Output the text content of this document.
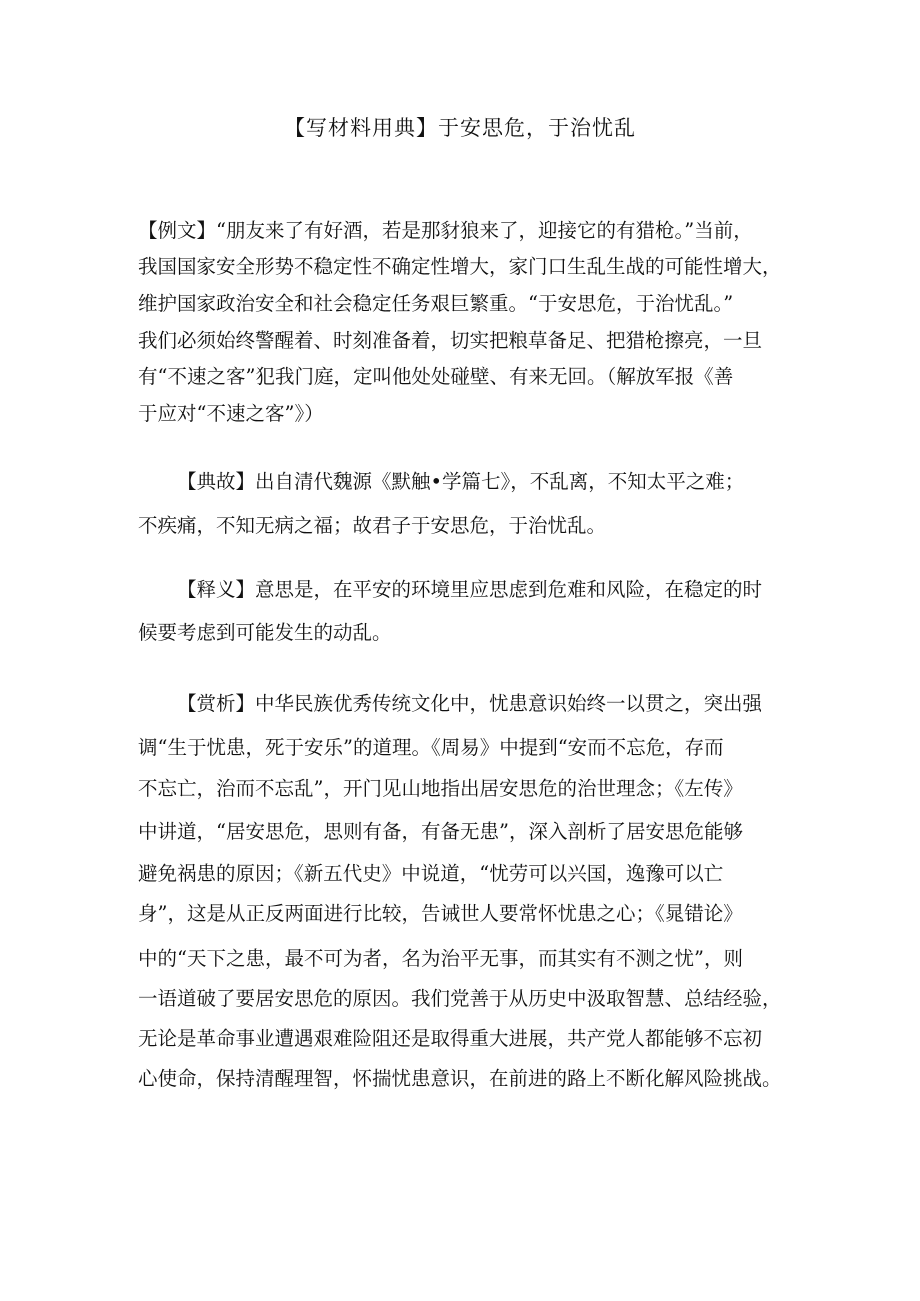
【写材料用典】于安思危，于治忧乱
【例文】“朋友来了有好酒，若是那豺狼来了，迎接它的有猎枪。”当前，
我国国家安全形势不稳定性不确定性增大，家门口生乱生战的可能性增大，
维护国家政治安全和社会稳定任务艰巨繁重。“于安思危，于治忧乱。”
我们必须始终警醒着、时刻准备着，切实把粮草备足、把猎枪擦亮，一旦
有“不速之客”犯我门庭，定叫他处处碰壁、有来无回。（解放军报《善
于应对“不速之客”》）
【典故】出自清代魏源《默触•学篇七》，不乱离，不知太平之难；
不疾痛，不知无病之福；故君子于安思危，于治忧乱。
【释义】意思是，在平安的环境里应思虑到危难和风险，在稳定的时
候要考虑到可能发生的动乱。
【赏析】中华民族优秀传统文化中，忧患意识始终一以贯之，突出强
调“生于忧患，死于安乐”的道理。《周易》中提到“安而不忘危，存而
不忘亡，治而不忘乱”，开门见山地指出居安思危的治世理念；《左传》
中讲道，“居安思危，思则有备，有备无患”，深入剖析了居安思危能够
避免祸患的原因；《新五代史》中说道，“忧劳可以兴国，逸豫可以亡
身”，这是从正反两面进行比较，告诫世人要常怀忧患之心；《晁错论》
中的“天下之患，最不可为者，名为治平无事，而其实有不测之忧”，则
一语道破了要居安思危的原因。我们党善于从历史中汲取智慧、总结经验，
无论是革命事业遭遇艰难险阻还是取得重大进展，共产党人都能够不忘初
心使命，保持清醒理智，怀揣忧患意识，在前进的路上不断化解风险挑战。
